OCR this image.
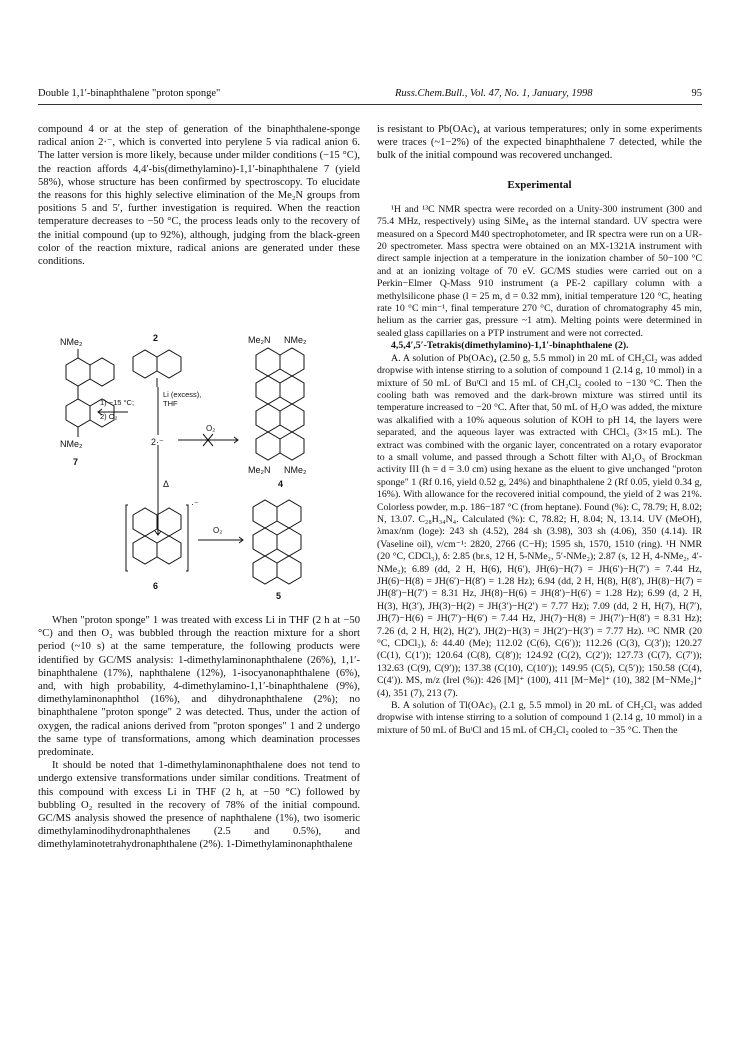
Double 1,1′-binaphthalene "proton sponge"	Russ.Chem.Bull., Vol. 47, No. 1, January, 1998	95

compound 4 or at the step of generation of the binaphthalene-sponge radical anion 2·⁻, which is converted into perylene 5 via radical anion 6. The latter version is more likely, because under milder conditions (−15 °C), the reaction affords 4,4′-bis(dimethylamino)-1,1′-binaphthalene 7 (yield 58%), whose structure has been confirmed by spectroscopy. To elucidate the reasons for this highly selective elimination of the Me₂N groups from positions 5 and 5′, further investigation is required. When the reaction temperature decreases to −50 °C, the process leads only to the recovery of the initial compound (up to 92%), although, judging from the black-green color of the reaction mixture, radical anions are generated under these conditions.

2
NMe₂
NMe₂
7
Li (excess),
THF
1) −15 °C;
2) O₂
2·⁻
O₂
Δ
Me₂N NMe₂
Me₂N NMe₂
4
·⁻
O₂
6
5

When "proton sponge" 1 was treated with excess Li in THF (2 h at −50 °C) and then O₂ was bubbled through the reaction mixture for a short period (~10 s) at the same temperature, the following products were identified by GC/MS analysis: 1-dimethylaminonaphthalene (26%), 1,1′-binaphthalene (17%), naphthalene (12%), 1-isocyanonaphthalene (6%), and, with high probability, 4-dimethylamino-1,1′-binaphthalene (9%), dimethylaminonaphthol (16%), and dihydronaphthalene (2%); no binaphthalene "proton sponge" 2 was detected. Thus, under the action of oxygen, the radical anions derived from "proton sponges" 1 and 2 undergo the same type of transformations, among which deamination processes predominate.

It should be noted that 1-dimethylaminonaphthalene does not tend to undergo extensive transformations under similar conditions. Treatment of this compound with excess Li in THF (2 h, at −50 °C) followed by bubbling O₂ resulted in the recovery of 78% of the initial compound. GC/MS analysis showed the presence of naphthalene (1%), two isomeric dimethylaminodihydronaphthalenes (2.5 and 0.5%), and dimethylaminotetrahydronaphthalene (2%). 1-Dimethylaminonaphthalene

is resistant to Pb(OAc)₄ at various temperatures; only in some experiments were traces (~1−2%) of the expected binaphthalene 7 detected, while the bulk of the initial compound was recovered unchanged.

Experimental

¹H and ¹³C NMR spectra were recorded on a Unity-300 instrument (300 and 75.4 MHz, respectively) using SiMe₄ as the internal standard. UV spectra were measured on a Specord M40 spectrophotometer, and IR spectra were run on a UR-20 spectrometer. Mass spectra were obtained on an MX-1321A instrument with direct sample injection at a temperature in the ionization chamber of 50−100 °C and at an ionizing voltage of 70 eV. GC/MS studies were carried out on a Perkin−Elmer Q-Mass 910 instrument (a PE-2 capillary column with a methylsilicone phase (l = 25 m, d = 0.32 mm), initial temperature 120 °C, heating rate 10 °C min⁻¹, final temperature 270 °C, duration of chromatography 45 min, helium as the carrier gas, pressure ~1 atm). Melting points were determined in sealed glass capillaries on a PTP instrument and were not corrected.

4,5,4′,5′-Tetrakis(dimethylamino)-1,1′-binaphthalene (2).

A. A solution of Pb(OAc)₄ (2.50 g, 5.5 mmol) in 20 mL of CH₂Cl₂ was added dropwise with intense stirring to a solution of compound 1 (2.14 g, 10 mmol) in a mixture of 50 mL of BuᵗCl and 15 mL of CH₂Cl₂ cooled to −130 °C. Then the cooling bath was removed and the dark-brown mixture was stirred until its temperature increased to −20 °C. After that, 50 mL of H₂O was added, the mixture was alkalified with a 10% aqueous solution of KOH to pH 14, the layers were separated, and the aqueous layer was extracted with CHCl₃ (3×15 mL). The extract was combined with the organic layer, concentrated on a rotary evaporator to a small volume, and passed through a Schott filter with Al₂O₃ of Brockman activity III (h = d = 3.0 cm) using hexane as the eluent to give unchanged "proton sponge" 1 (Rf 0.16, yield 0.52 g, 24%) and binaphthalene 2 (Rf 0.05, yield 0.34 g, 16%). With allowance for the recovered initial compound, the yield of 2 was 21%. Colorless powder, m.p. 186−187 °C (from heptane). Found (%): C, 78.79; H, 8.02; N, 13.07. C₂₈H₃₄N₄. Calculated (%): C, 78.82; H, 8.04; N, 13.14. UV (MeOH), λmax/nm (loge): 243 sh (4.52), 284 sh (3.98), 303 sh (4.06), 350 (4.14). IR (Vaseline oil), ν/cm⁻¹: 2820, 2766 (C−H); 1595 sh, 1570, 1510 (ring). ¹H NMR (20 °C, CDCl₃), δ: 2.85 (br.s, 12 H, 5-NMe₂, 5′-NMe₂); 2.87 (s, 12 H, 4-NMe₂, 4′-NMe₂); 6.89 (dd, 2 H, H(6), H(6′), JH(6)−H(7) = JH(6′)−H(7′) = 7.44 Hz, JH(6)−H(8) = JH(6′)−H(8′) = 1.28 Hz); 6.94 (dd, 2 H, H(8), H(8′), JH(8)−H(7) = JH(8′)−H(7′) = 8.31 Hz, JH(8)−H(6) = JH(8′)−H(6′) = 1.28 Hz); 6.99 (d, 2 H, H(3), H(3′), JH(3)−H(2) = JH(3′)−H(2′) = 7.77 Hz); 7.09 (dd, 2 H, H(7), H(7′), JH(7)−H(6) = JH(7′)−H(6′) = 7.44 Hz, JH(7)−H(8) = JH(7′)−H(8′) = 8.31 Hz); 7.26 (d, 2 H, H(2), H(2′), JH(2)−H(3) = JH(2′)−H(3′) = 7.77 Hz). ¹³C NMR (20 °C, CDCl₃), δ: 44.40 (Me); 112.02 (C(6), C(6′)); 112.26 (C(3), C(3′)); 120.27 (C(1), C(1′)); 120.64 (C(8), C(8′)); 124.92 (C(2), C(2′)); 127.73 (C(7), C(7′)); 132.63 (C(9), C(9′)); 137.38 (C(10), C(10′)); 149.95 (C(5), C(5′)); 150.58 (C(4), C(4′)). MS, m/z (Irel (%)): 426 [M]⁺ (100), 411 [M−Me]⁺ (10), 382 [M−NMe₂]⁺ (4), 351 (7), 213 (7).

B. A solution of Tl(OAc)₃ (2.1 g, 5.5 mmol) in 20 mL of CH₂Cl₂ was added dropwise with intense stirring to a solution of compound 1 (2.14 g, 10 mmol) in a mixture of 50 mL of BuᵗCl and 15 mL of CH₂Cl₂ cooled to −35 °C. Then the
